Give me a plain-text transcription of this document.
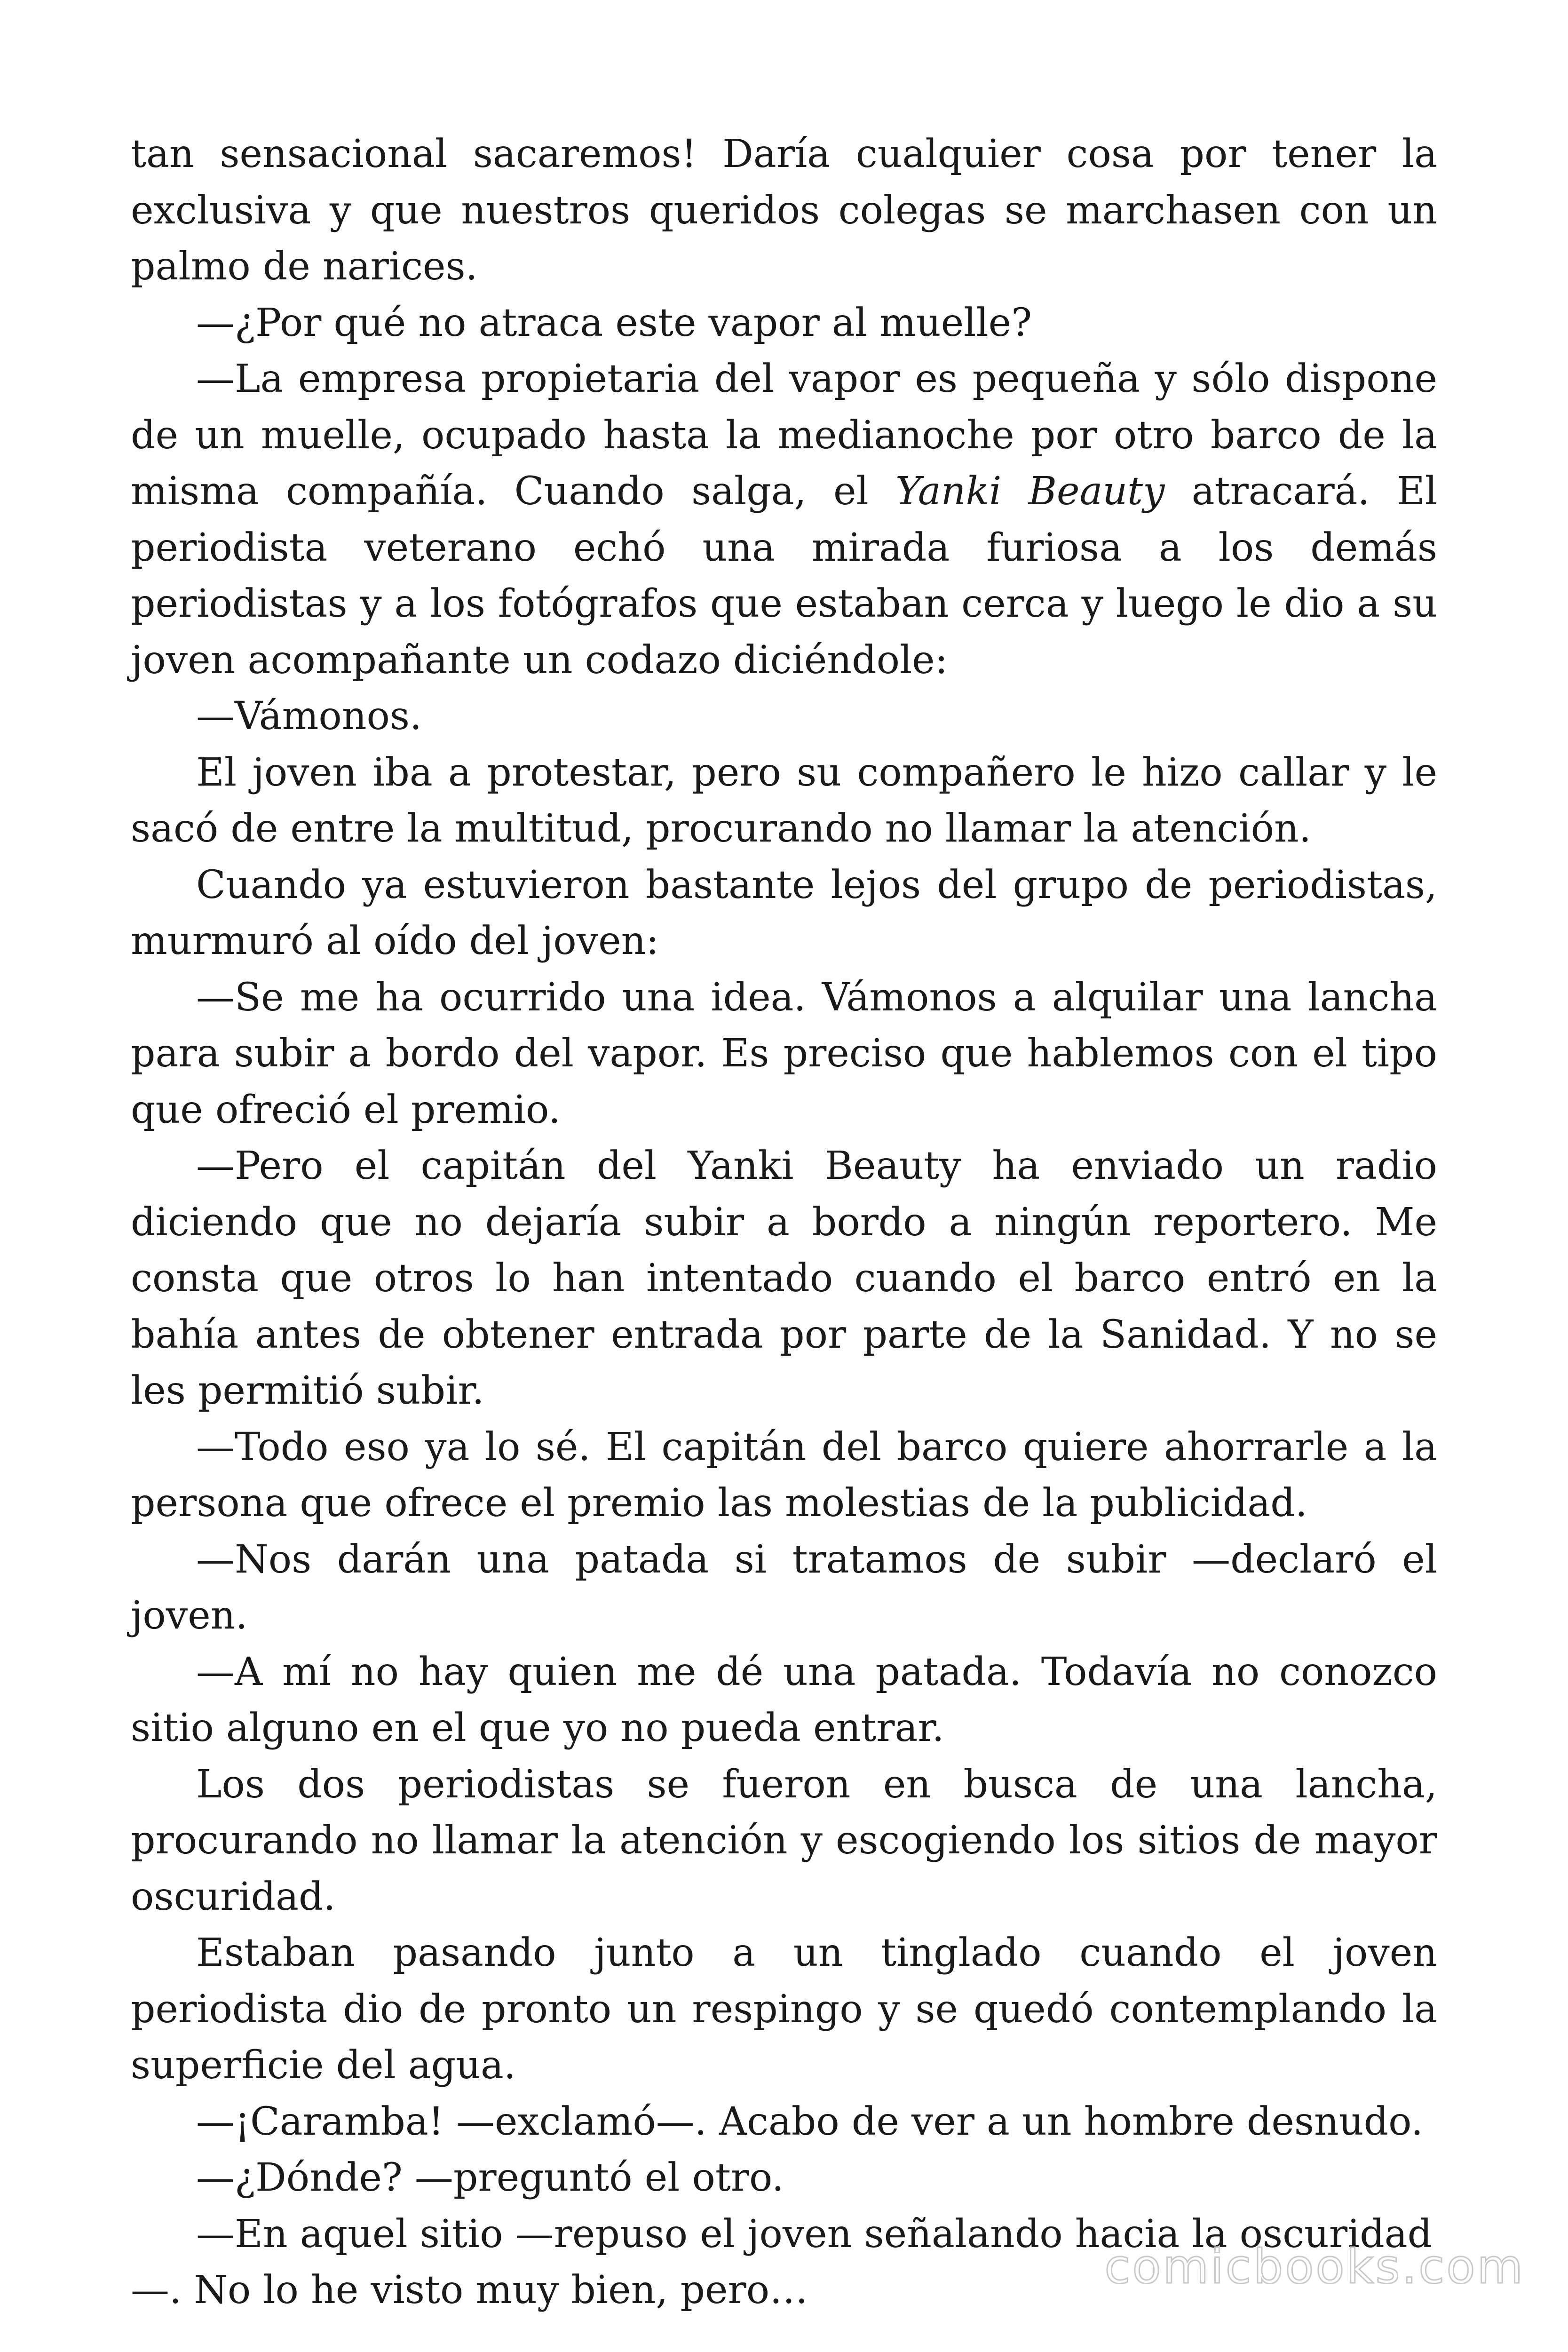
tan sensacional sacaremos! Daría cualquier cosa por tener la exclusiva y que nuestros queridos colegas se marchasen con un palmo de narices.

—¿Por qué no atraca este vapor al muelle?

—La empresa propietaria del vapor es pequeña y sólo dispone de un muelle, ocupado hasta la medianoche por otro barco de la misma compañía. Cuando salga, el Yanki Beauty atracará. El periodista veterano echó una mirada furiosa a los demás periodistas y a los fotógrafos que estaban cerca y luego le dio a su joven acompañante un codazo diciéndole:

—Vámonos.

El joven iba a protestar, pero su compañero le hizo callar y le sacó de entre la multitud, procurando no llamar la atención.

Cuando ya estuvieron bastante lejos del grupo de periodistas, murmuró al oído del joven:

—Se me ha ocurrido una idea. Vámonos a alquilar una lancha para subir a bordo del vapor. Es preciso que hablemos con el tipo que ofreció el premio.

—Pero el capitán del Yanki Beauty ha enviado un radio diciendo que no dejaría subir a bordo a ningún reportero. Me consta que otros lo han intentado cuando el barco entró en la bahía antes de obtener entrada por parte de la Sanidad. Y no se les permitió subir.

—Todo eso ya lo sé. El capitán del barco quiere ahorrarle a la persona que ofrece el premio las molestias de la publicidad.

—Nos darán una patada si tratamos de subir —declaró el joven.

—A mí no hay quien me dé una patada. Todavía no conozco sitio alguno en el que yo no pueda entrar.

Los dos periodistas se fueron en busca de una lancha, procurando no llamar la atención y escogiendo los sitios de mayor oscuridad.

Estaban pasando junto a un tinglado cuando el joven periodista dio de pronto un respingo y se quedó contemplando la superficie del agua.

—¡Caramba! —exclamó—. Acabo de ver a un hombre desnudo.

—¿Dónde? —preguntó el otro.

—En aquel sitio —repuso el joven señalando hacia la oscuridad —. No lo he visto muy bien, pero…	comicbooks.com
